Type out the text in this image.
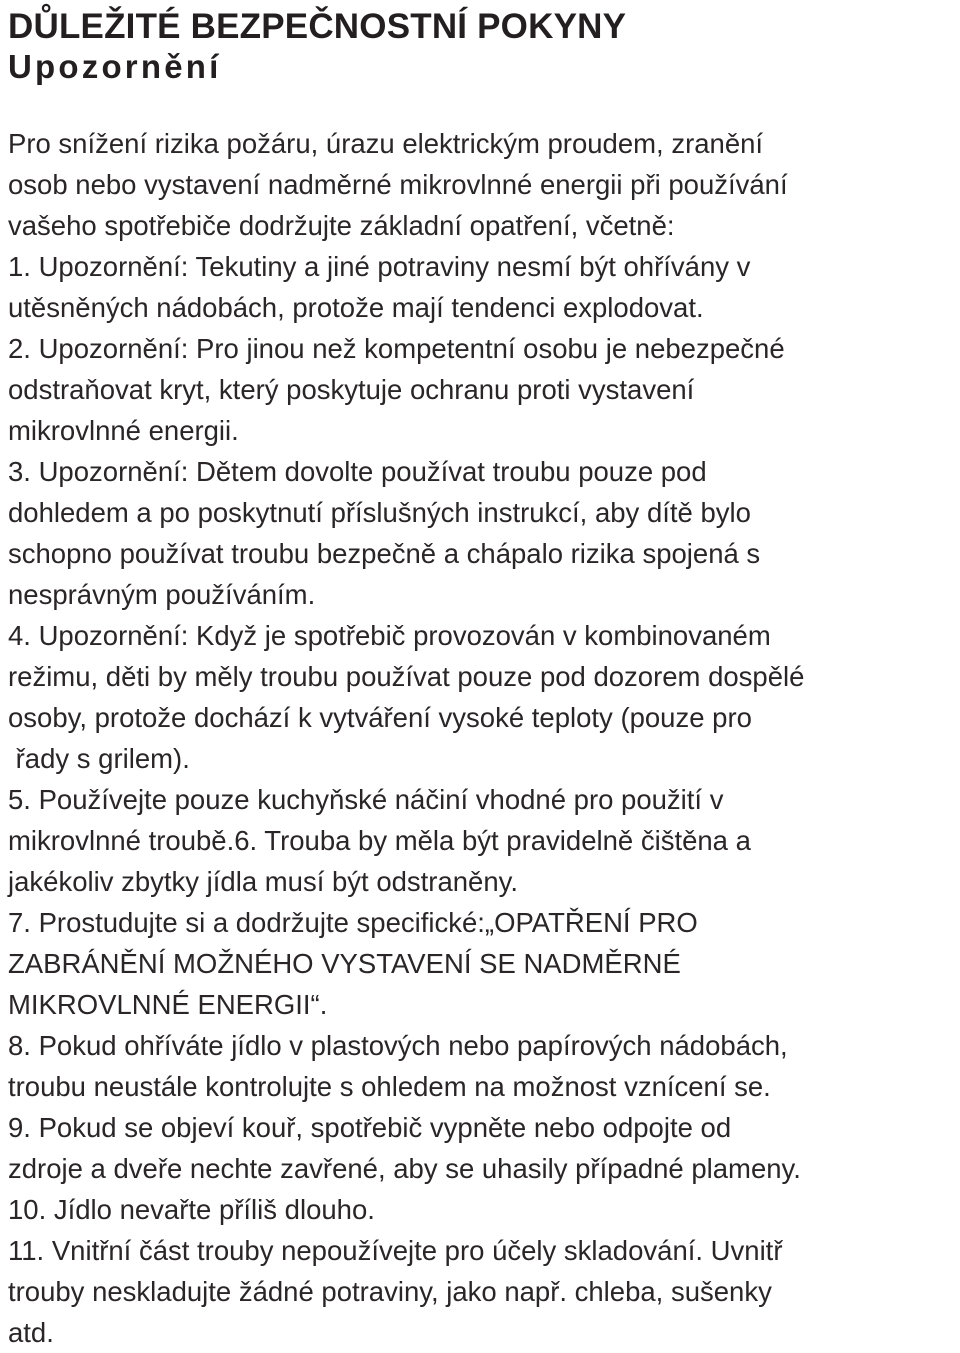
DŮLEŽITÉ BEZPEČNOSTNÍ POKYNY
Upozornění

Pro snížení rizika požáru, úrazu elektrickým proudem, zranění

osob nebo vystavení nadměrné mikrovlnné energii při používání

vašeho spotřebiče dodržujte základní opatření, včetně:

1. Upozornění: Tekutiny a jiné potraviny nesmí být ohřívány v

utěsněných nádobách, protože mají tendenci explodovat.

2. Upozornění: Pro jinou než kompetentní osobu je nebezpečné

odstraňovat kryt, který poskytuje ochranu proti vystavení

mikrovlnné energii.

3. Upozornění: Dětem dovolte používat troubu pouze pod

dohledem a po poskytnutí příslušných instrukcí, aby dítě bylo

schopno používat troubu bezpečně a chápalo rizika spojená s

nesprávným používáním.

4. Upozornění: Když je spotřebič provozován v kombinovaném

režimu, děti by měly troubu používat pouze pod dozorem dospělé

osoby, protože dochází k vytváření vysoké teploty (pouze pro

řady s grilem).

5. Používejte pouze kuchyňské náčiní vhodné pro použití v

mikrovlnné troubě.6. Trouba by měla být pravidelně čištěna a

jakékoliv zbytky jídla musí být odstraněny.

7. Prostudujte si a dodržujte specifické:„OPATŘENÍ PRO

ZABRÁNĚNÍ MOŽNÉHO VYSTAVENÍ SE NADMĚRNÉ

MIKROVLNNÉ ENERGII“.

8. Pokud ohříváte jídlo v plastových nebo papírových nádobách,

troubu neustále kontrolujte s ohledem na možnost vznícení se.

9. Pokud se objeví kouř, spotřebič vypněte nebo odpojte od

zdroje a dveře nechte zavřené, aby se uhasily případné plameny.

10. Jídlo nevařte příliš dlouho.

11. Vnitřní část trouby nepoužívejte pro účely skladování. Uvnitř

trouby neskladujte žádné potraviny, jako např. chleba, sušenky

atd.
